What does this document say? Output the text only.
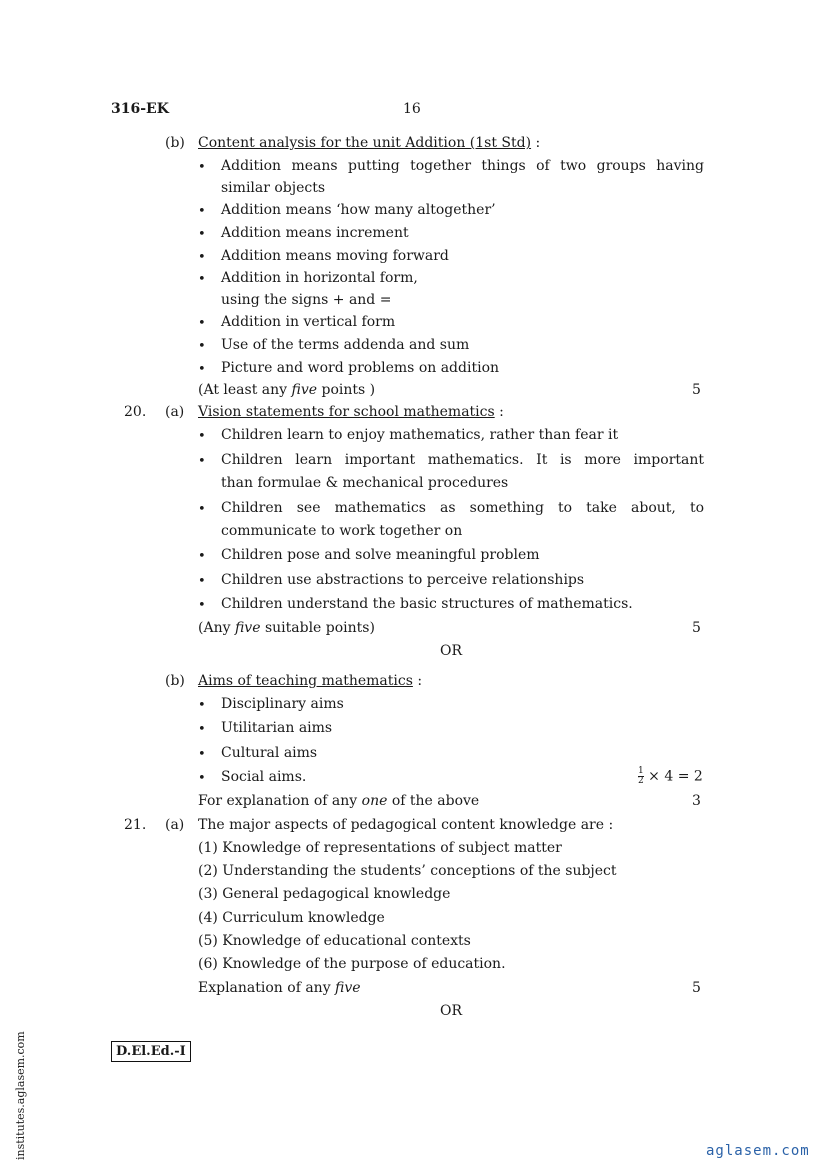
316-EK	16
(b) Content analysis for the unit Addition (1st Std) :
• Addition means putting together things of two groups having
similar objects
• Addition means ‘how many altogether’
• Addition means increment
• Addition means moving forward
• Addition in horizontal form,
using the signs + and =
• Addition in vertical form
• Use of the terms addenda and sum
• Picture and word problems on addition
(At least any five points )	5
20. (a) Vision statements for school mathematics :
• Children learn to enjoy mathematics, rather than fear it
• Children learn important mathematics. It is more important
than formulae & mechanical procedures
• Children see mathematics as something to take about, to
communicate to work together on
• Children pose and solve meaningful problem
• Children use abstractions to perceive relationships
• Children understand the basic structures of mathematics.
(Any five suitable points)	5
OR
(b) Aims of teaching mathematics :
• Disciplinary aims
• Utilitarian aims
• Cultural aims
• Social aims.	$\frac{1}{2} \times 4 = 2$
For explanation of any one of the above	3
21. (a) The major aspects of pedagogical content knowledge are :
(1) Knowledge of representations of subject matter
(2) Understanding the students’ conceptions of the subject
(3) General pedagogical knowledge
(4) Curriculum knowledge
(5) Knowledge of educational contexts
(6) Knowledge of the purpose of education.
Explanation of any five	5
OR
D.El.Ed.-I
institutes.aglasem.com	aglasem.com
